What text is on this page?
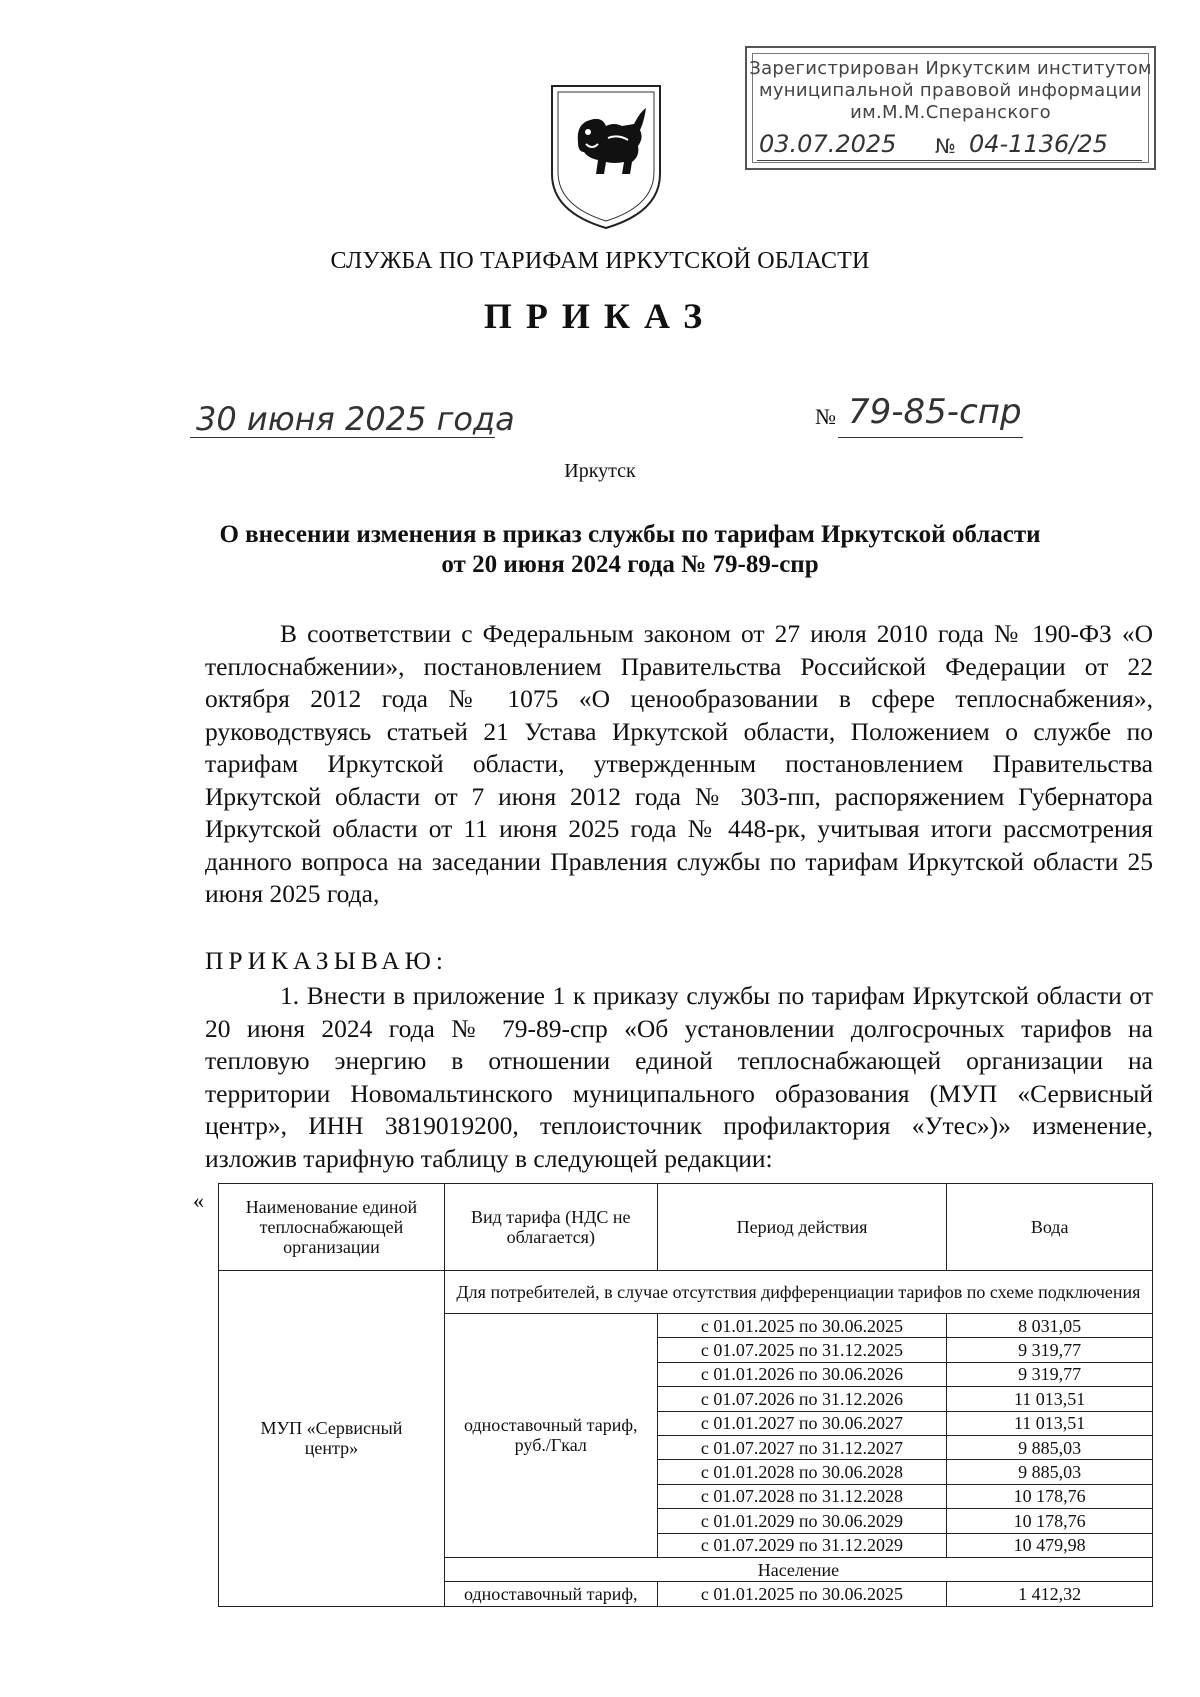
Зарегистрирован Иркутским институтом
муниципальной правовой информации
им.М.М.Сперанского
03.07.2025 № 04-1136/25
СЛУЖБА ПО ТАРИФАМ ИРКУТСКОЙ ОБЛАСТИ
ПРИКАЗ
30 июня 2025 года	№ 79-85-спр
Иркутск
О внесении изменения в приказ службы по тарифам Иркутской области
от 20 июня 2024 года № 79-89-спр
В соответствии с Федеральным законом от 27 июля 2010 года № 190-ФЗ «О теплоснабжении», постановлением Правительства Российской Федерации от 22 октября 2012 года № 1075 «О ценообразовании в сфере теплоснабжения», руководствуясь статьей 21 Устава Иркутской области, Положением о службе по тарифам Иркутской области, утвержденным постановлением Правительства Иркутской области от 7 июня 2012 года № 303-пп, распоряжением Губернатора Иркутской области от 11 июня 2025 года № 448-рк, учитывая итоги рассмотрения данного вопроса на заседании Правления службы по тарифам Иркутской области 25 июня 2025 года,
ПРИКАЗЫВАЮ:
1. Внести в приложение 1 к приказу службы по тарифам Иркутской области от 20 июня 2024 года № 79-89-спр «Об установлении долгосрочных тарифов на тепловую энергию в отношении единой теплоснабжающей организации на территории Новомальтинского муниципального образования (МУП «Сервисный центр», ИНН 3819019200, теплоисточник профилактория «Утес»)» изменение, изложив тарифную таблицу в следующей редакции:
« Наименование единой теплоснабжающей организации	Вид тарифа (НДС не облагается)	Период действия	Вода
МУП «Сервисный центр»	Для потребителей, в случае отсутствия дифференциации тарифов по схеме подключения		
	одноставочный тариф, руб./Гкал	с 01.01.2025 по 30.06.2025	8 031,05
		с 01.07.2025 по 31.12.2025	9 319,77
		с 01.01.2026 по 30.06.2026	9 319,77
		с 01.07.2026 по 31.12.2026	11 013,51
		с 01.01.2027 по 30.06.2027	11 013,51
		с 01.07.2027 по 31.12.2027	9 885,03
		с 01.01.2028 по 30.06.2028	9 885,03
		с 01.07.2028 по 31.12.2028	10 178,76
		с 01.01.2029 по 30.06.2029	10 178,76
		с 01.07.2029 по 31.12.2029	10 479,98
	Население		
	одноставочный тариф,	с 01.01.2025 по 30.06.2025	1 412,32
